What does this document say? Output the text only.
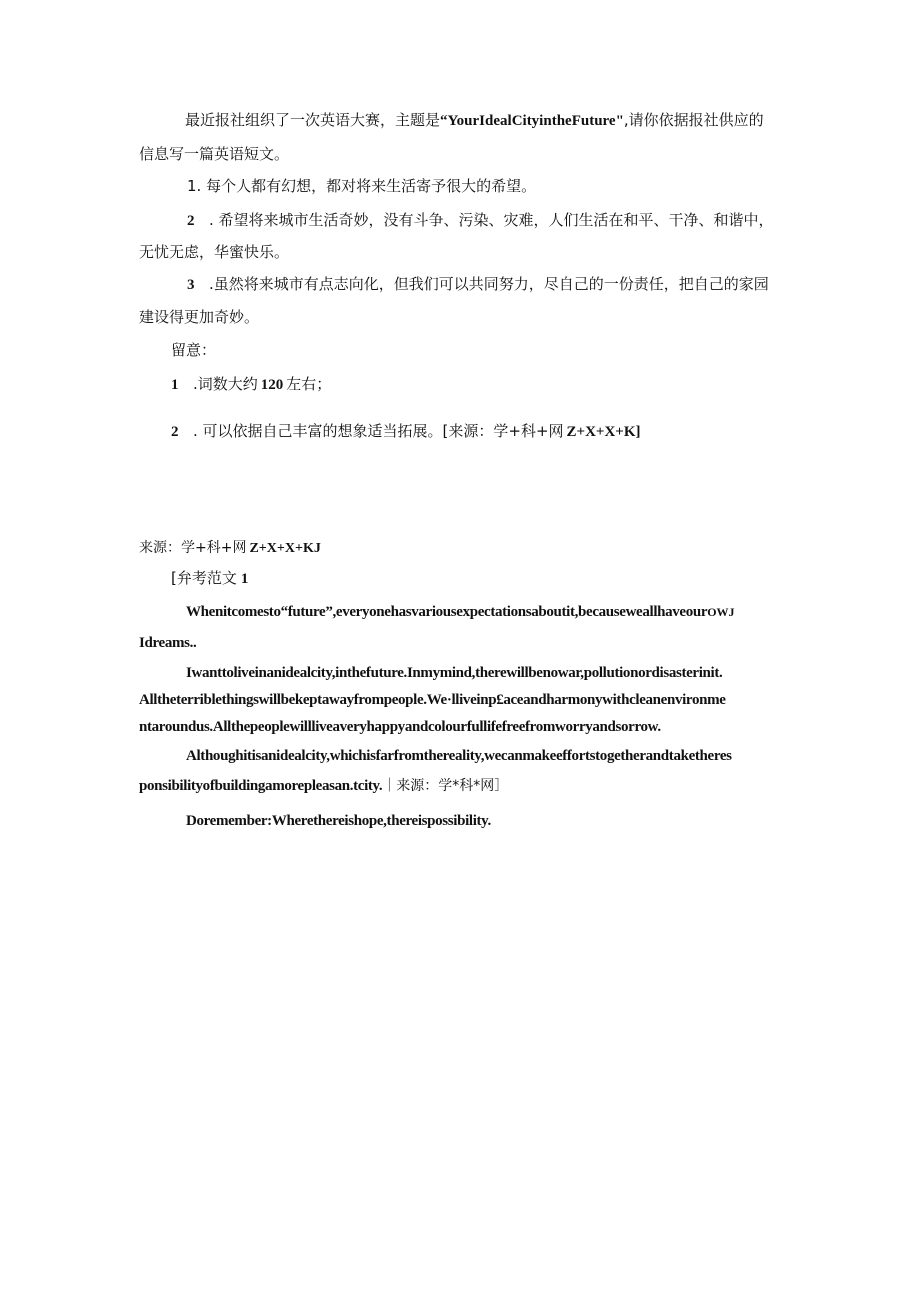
最近报社组织了一次英语大赛，主题是“YourIdealCityintheFuture",请你依据报社供应的
信息写一篇英语短文。
1. 每个人都有幻想，都对将来生活寄予很大的希望。
2 . 希望将来城市生活奇妙，没有斗争、污染、灾难，人们生活在和平、干净、和谐中，
无忧无虑，华蜜快乐。
3 .虽然将来城市有点志向化，但我们可以共同努力，尽自己的一份责任，把自己的家园
建设得更加奇妙。
留意：
1 .词数大约 120 左右；
2 . 可以依据自己丰富的想象适当拓展。[来源：学+科+网 Z+X+X+K]
来源：学+科+网 Z+X+X+KJ
[弁考范文 1
Whenitcomesto“future”,everyonehasvariousexpectationsaboutit,becauseweallhaveourOWJ
Idreams..
Iwanttoliveinanidealcity,inthefuture.Inmymind,therewillbenowar,pollutionordisasterinit.
Alltheterriblethingswillbekeptawayfrompeople.We·lliveinp£aceandharmonywithcleanenvironme
ntaroundus.Allthepeoplewillliveaveryhappyandcolourfullifefreefromworryandsorrow.
Althoughitisanidealcity,whichisfarfromthereality,wecanmakeeffortstogetherandtaketheres
ponsibilityofbuildingamorepleasan.tcity.｜来源：学*科*网］
Doremember:Wherethereishope,thereispossibility.
